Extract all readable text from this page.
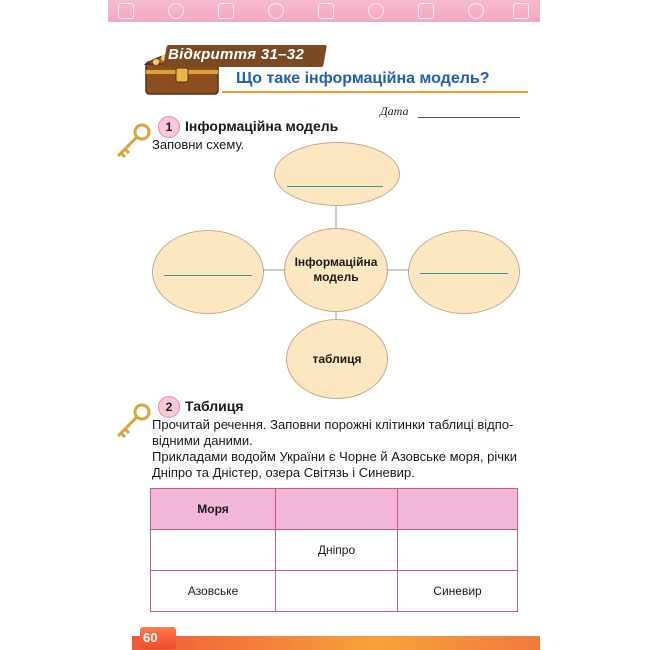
Відкриття 31–32
Що таке інформаційна модель?
Дата
1 Інформаційна модель
Заповни схему.
Інформаційна модель
таблиця
2 Таблиця
Прочитай речення. Заповни порожні клітинки таблиці відпо-
відними даними.
Прикладами водойм України є Чорне й Азовське моря, річки
Дніпро та Дністер, озера Світязь і Синевир.
Моря		
	Дніпро	
Азовське		Синевир
60
